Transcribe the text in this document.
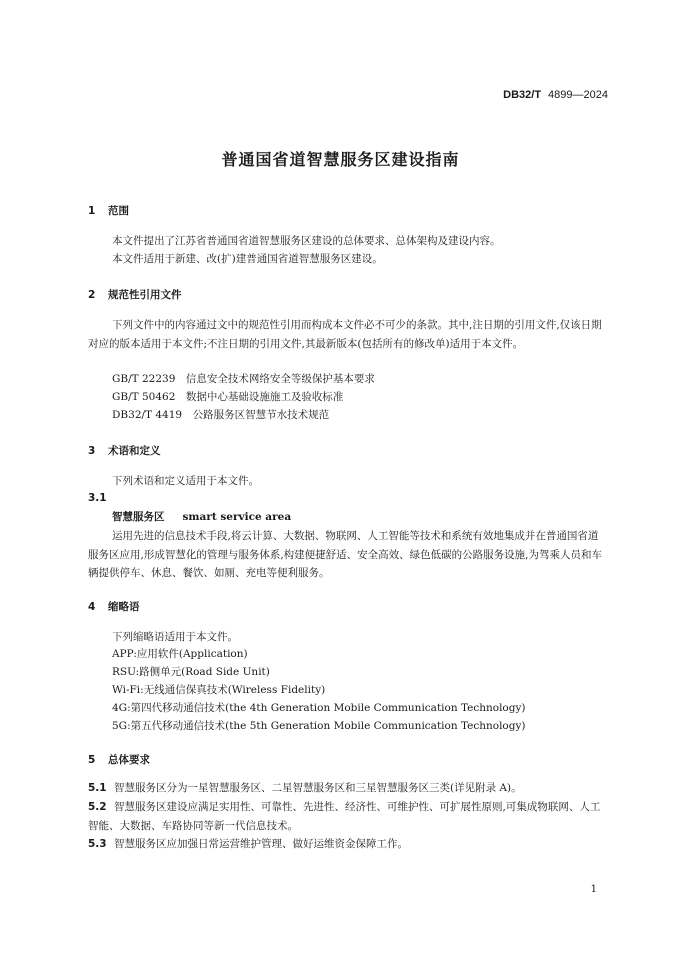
DB32/T 4899—2024
普通国省道智慧服务区建设指南
1 范围
本文件提出了江苏省普通国省道智慧服务区建设的总体要求、总体架构及建设内容。
本文件适用于新建、改(扩)建普通国省道智慧服务区建设。
2 规范性引用文件
下列文件中的内容通过文中的规范性引用而构成本文件必不可少的条款。其中,注日期的引用文件,仅该日期对应的版本适用于本文件;不注日期的引用文件,其最新版本(包括所有的修改单)适用于本文件。
GB/T 22239　信息安全技术网络安全等级保护基本要求
GB/T 50462　数据中心基础设施施工及验收标准
DB32/T 4419　公路服务区智慧节水技术规范
3 术语和定义
下列术语和定义适用于本文件。
3.1
智慧服务区 smart service area
运用先进的信息技术手段,将云计算、大数据、物联网、人工智能等技术和系统有效地集成并在普通国省道服务区应用,形成智慧化的管理与服务体系,构建便捷舒适、安全高效、绿色低碳的公路服务设施,为驾乘人员和车辆提供停车、休息、餐饮、如厕、充电等便利服务。
4 缩略语
下列缩略语适用于本文件。
APP:应用软件(Application)
RSU:路侧单元(Road Side Unit)
Wi-Fi:无线通信保真技术(Wireless Fidelity)
4G:第四代移动通信技术(the 4th Generation Mobile Communication Technology)
5G:第五代移动通信技术(the 5th Generation Mobile Communication Technology)
5 总体要求
5.1 智慧服务区分为一星智慧服务区、二星智慧服务区和三星智慧服务区三类(详见附录 A)。
5.2 智慧服务区建设应满足实用性、可靠性、先进性、经济性、可维护性、可扩展性原则,可集成物联网、人工智能、大数据、车路协同等新一代信息技术。
5.3 智慧服务区应加强日常运营维护管理、做好运维资金保障工作。
1
